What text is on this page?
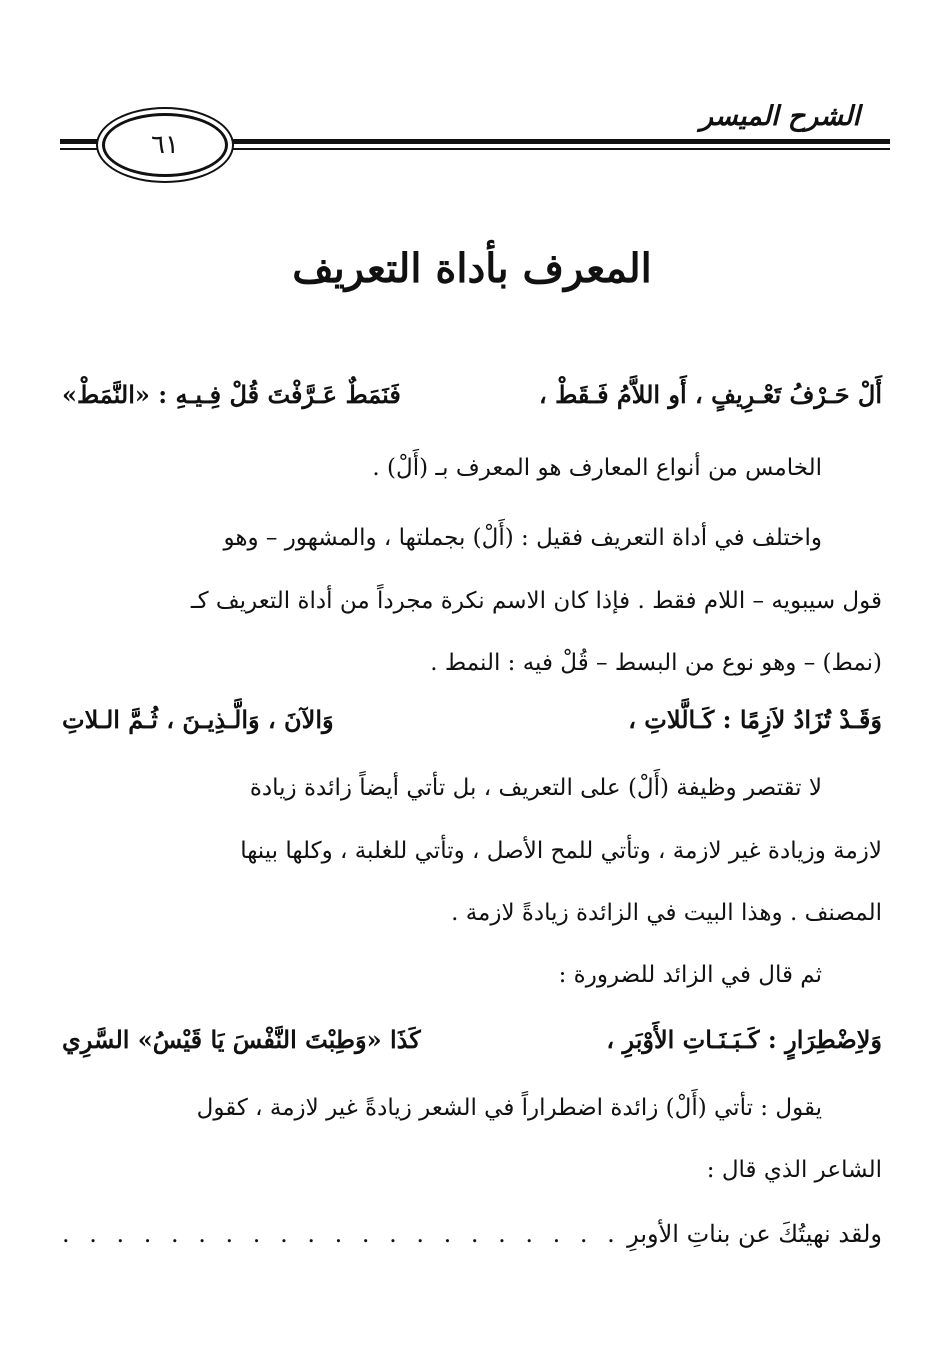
الشرح الميسر
٦١
المعرف بأداة التعريف
أَلْ حَـرْفُ تَعْـرِيفٍ ، أَو اللاَّمُ فَـقَطْ ،
فَنَمَطٌ عَـرَّفْتَ قُلْ فِـيـهِ : «النَّمَطْ»
الخامس من أنواع المعارف هو المعرف بـ (أَلْ) .
واختلف في أداة التعريف فقيل : (أَلْ) بجملتها ، والمشهور – وهو
قول سيبويه – اللام فقط . فإذا كان الاسم نكرة مجرداً من أداة التعريف كـ
(نمط) – وهو نوع من البسط – قُلْ فيه : النمط .
وَقَـدْ تُزَادُ لاَزِمًا : كَـالَّلاتِ ،
وَالآنَ ، وَالَّـذِيـنَ ، ثُـمَّ الـلاتِ
لا تقتصر وظيفة (أَلْ) على التعريف ، بل تأتي أيضاً زائدة زيادة
لازمة وزيادة غير لازمة ، وتأتي للمح الأصل ، وتأتي للغلبة ، وكلها بينها
المصنف . وهذا البيت في الزائدة زيادةً لازمة .
ثم قال في الزائد للضرورة :
وَلاِضْطِرَارٍ : كَـبَـنَـاتِ الأَوْبَرِ ،
كَذَا «وَطِبْتَ النَّفْسَ يَا قَيْسُ» السَّرِي
يقول : تأتي (أَلْ) زائدة اضطراراً في الشعر زيادةً غير لازمة ، كقول
الشاعر الذي قال :
ولقد نهيتُكَ عن بناتِ الأوبرِ
. . . . . . . . . . . . . . . . . . . . .
